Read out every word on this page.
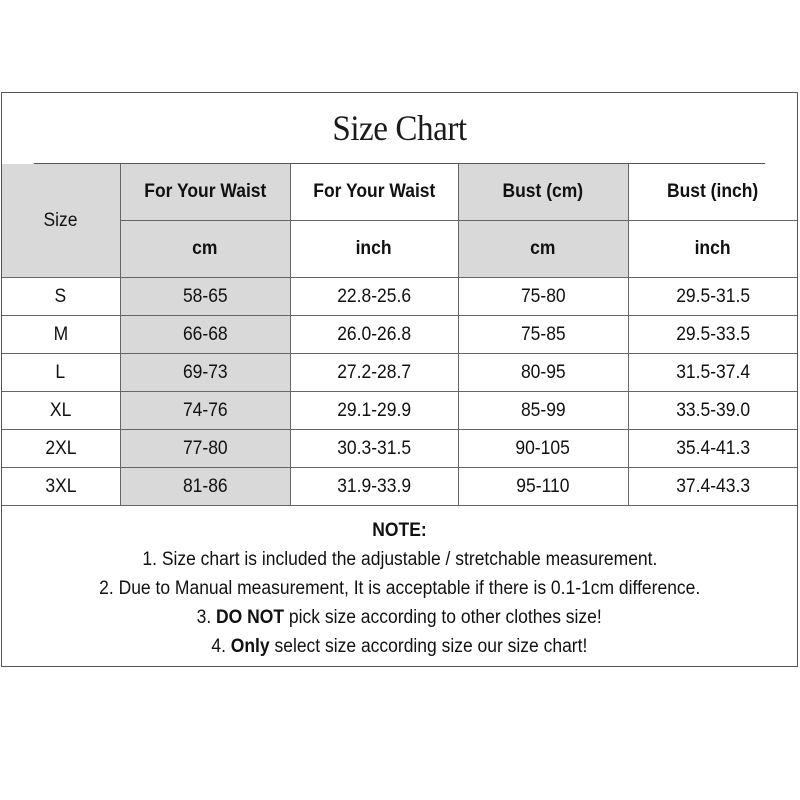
Size Chart
Size	For Your Waist	For Your Waist	Bust (cm)	Bust (inch)
	cm	inch	cm	inch
S	58-65	22.8-25.6	75-80	29.5-31.5
M	66-68	26.0-26.8	75-85	29.5-33.5
L	69-73	27.2-28.7	80-95	31.5-37.4
XL	74-76	29.1-29.9	85-99	33.5-39.0
2XL	77-80	30.3-31.5	90-105	35.4-41.3
3XL	81-86	31.9-33.9	95-110	37.4-43.3
NOTE:
1. Size chart is included the adjustable / stretchable measurement.
2. Due to Manual measurement, It is acceptable if there is 0.1-1cm difference.
3. DO NOT pick size according to other clothes size!
4. Only select size according size our size chart!
